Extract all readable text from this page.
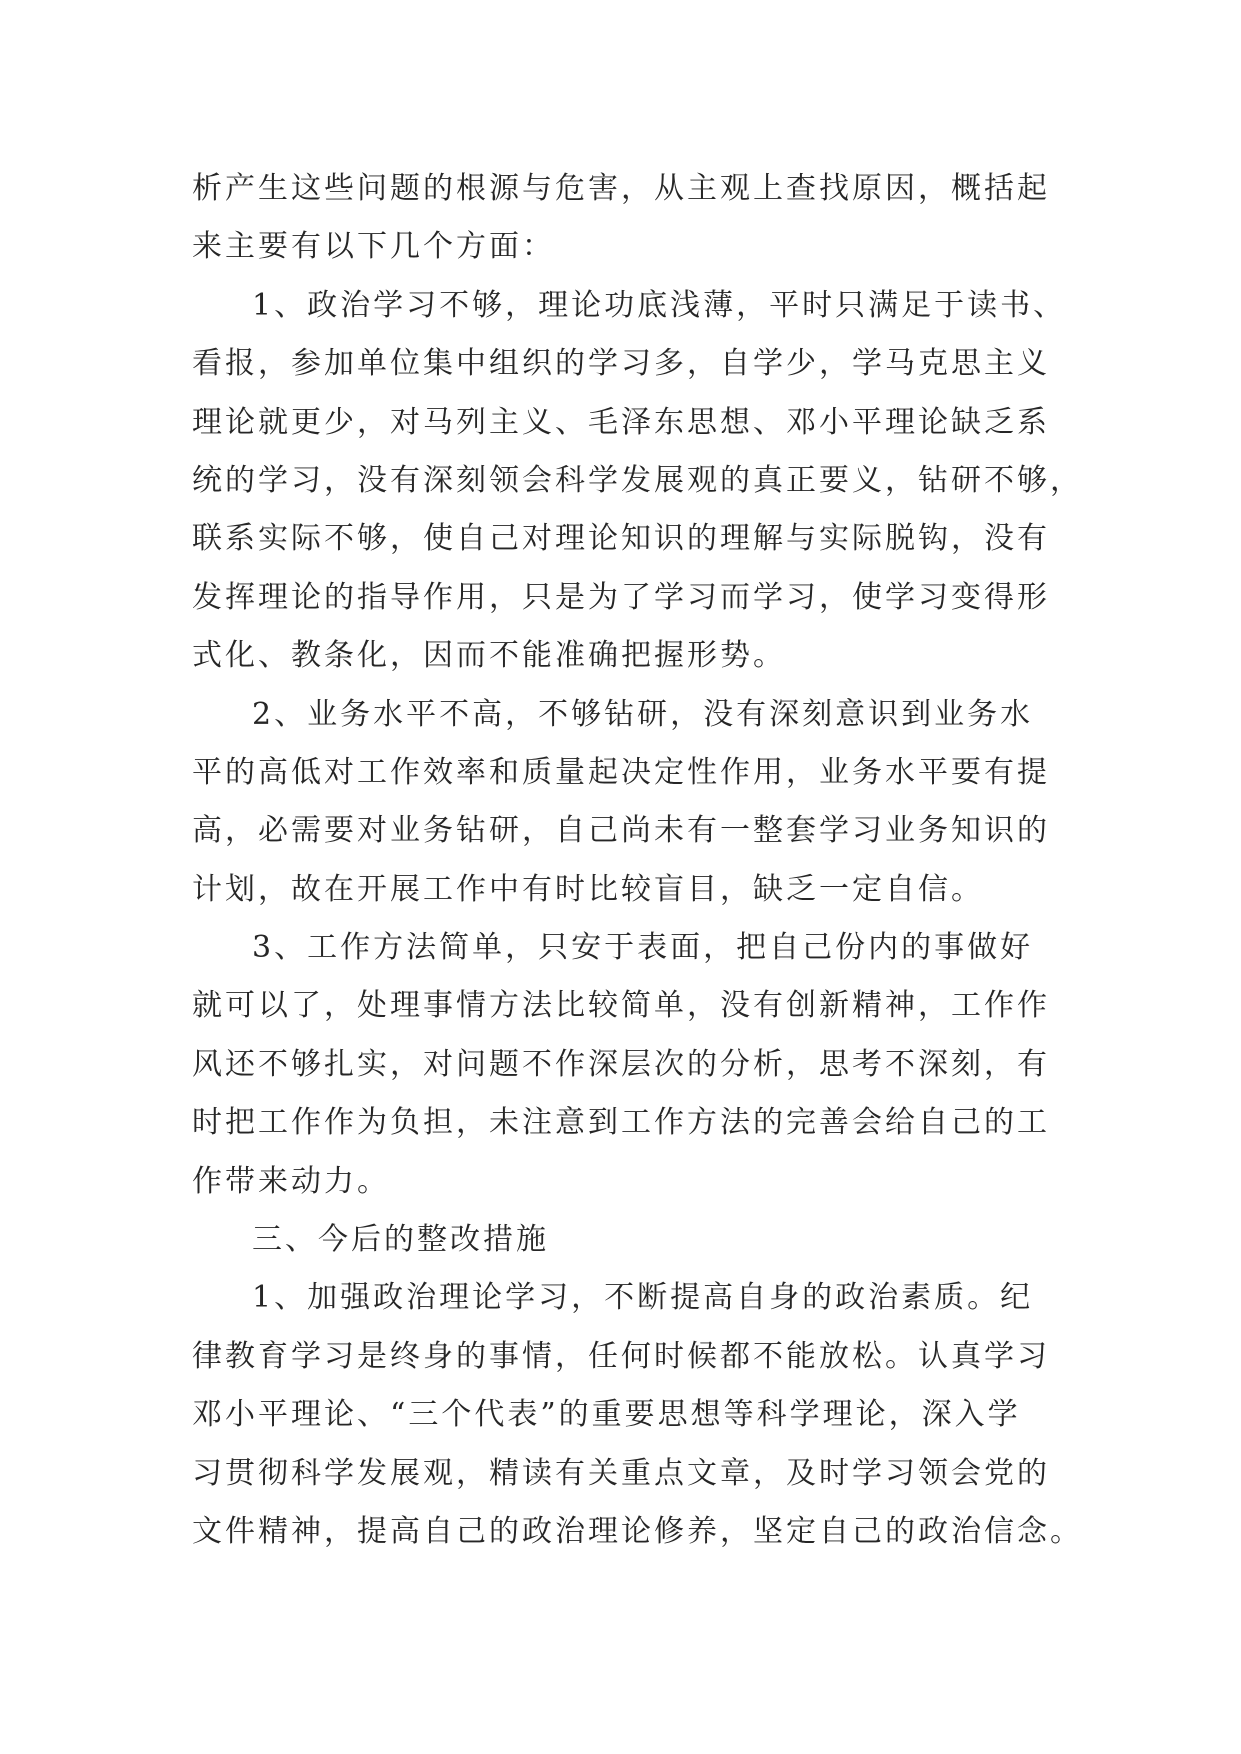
析产生这些问题的根源与危害，从主观上查找原因，概括起
来主要有以下几个方面：
1、政治学习不够，理论功底浅薄，平时只满足于读书、
看报，参加单位集中组织的学习多，自学少，学马克思主义
理论就更少，对马列主义、毛泽东思想、邓小平理论缺乏系
统的学习，没有深刻领会科学发展观的真正要义，钻研不够，
联系实际不够，使自己对理论知识的理解与实际脱钩，没有
发挥理论的指导作用，只是为了学习而学习，使学习变得形
式化、教条化，因而不能准确把握形势。
2、业务水平不高，不够钻研，没有深刻意识到业务水
平的高低对工作效率和质量起决定性作用，业务水平要有提
高，必需要对业务钻研，自己尚未有一整套学习业务知识的
计划，故在开展工作中有时比较盲目，缺乏一定自信。
3、工作方法简单，只安于表面，把自己份内的事做好
就可以了，处理事情方法比较简单，没有创新精神，工作作
风还不够扎实，对问题不作深层次的分析，思考不深刻，有
时把工作作为负担，未注意到工作方法的完善会给自己的工
作带来动力。
三、今后的整改措施
1、加强政治理论学习，不断提高自身的政治素质。纪
律教育学习是终身的事情，任何时候都不能放松。认真学习
邓小平理论、“三个代表”的重要思想等科学理论，深入学
习贯彻科学发展观，精读有关重点文章，及时学习领会党的
文件精神，提高自己的政治理论修养，坚定自己的政治信念。
